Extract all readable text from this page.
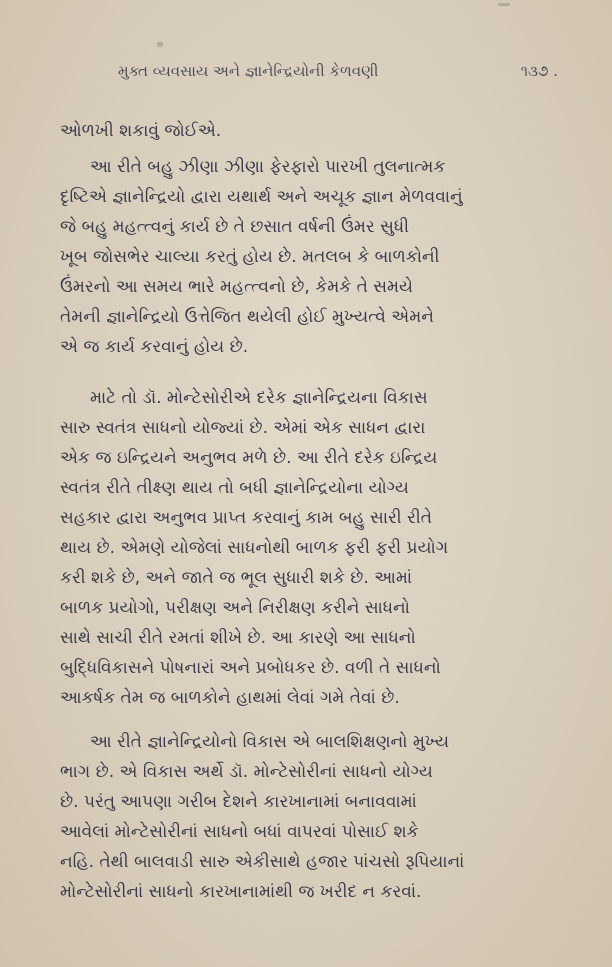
મુક્ત વ્યવસાય અને જ્ઞાનેન્દ્રિયોની કેળવણી	૧૩૭ .
ઓળખી શકાવું જોઈએ.
આ રીતે બહુ ઝીણા ઝીણા ફેરફારો પારખી તુલનાત્મક
દૃષ્ટિએ જ્ઞાનેન્દ્રિયો દ્વારા યથાર્થ અને અચૂક જ્ઞાન મેળવવાનું
જે બહુ મહત્ત્વનું કાર્ય છે તે છસાત વર્ષની ઉંમર સુધી
ખૂબ જોસભેર ચાલ્યા કરતું હોય છે. મતલબ કે બાળકોની
ઉંમરનો આ સમય ભારે મહત્ત્વનો છે, કેમકે તે સમયે
તેમની જ્ઞાનેન્દ્રિયો ઉત્તેજિત થયેલી હોઈ મુખ્યત્વે એમને
એ જ કાર્ય કરવાનું હોય છે.
માટે તો ડૉ. મોન્ટેસોરીએ દરેક જ્ઞાનેન્દ્રિયના વિકાસ
સારુ સ્વતંત્ર સાધનો યોજ્યાં છે. એમાં એક સાધન દ્વારા
એક જ ઇન્દ્રિયને અનુભવ મળે છે. આ રીતે દરેક ઇન્દ્રિય
સ્વતંત્ર રીતે તીક્ષ્ણ થાય તો બધી જ્ઞાનેન્દ્રિયોના યોગ્ય
સહકાર દ્વારા અનુભવ પ્રાપ્ત કરવાનું કામ બહુ સારી રીતે
થાય છે. એમણે યોજેલાં સાધનોથી બાળક ફરી ફરી પ્રયોગ
કરી શકે છે, અને જાતે જ ભૂલ સુધારી શકે છે. આમાં
બાળક પ્રયોગો, પરીક્ષણ અને નિરીક્ષણ કરીને સાધનો
સાથે સાચી રીતે રમતાં શીખે છે. આ કારણે આ સાધનો
બુદ્ધિવિકાસને પોષનારાં અને પ્રબોધકર છે. વળી તે સાધનો
આકર્ષક તેમ જ બાળકોને હાથમાં લેવાં ગમે તેવાં છે.
આ રીતે જ્ઞાનેન્દ્રિયોનો વિકાસ એ બાલશિક્ષણનો મુખ્ય
ભાગ છે. એ વિકાસ અર્થે ડૉ. મોન્ટેસોરીનાં સાધનો યોગ્ય
છે. પરંતુ આપણા ગરીબ દેશને કારખાનામાં બનાવવામાં
આવેલાં મોન્ટેસોરીનાં સાધનો બધાં વાપરવાં પોસાઈ શકે
નહિ. તેથી બાલવાડી સારુ એકીસાથે હજાર પાંચસો રૂપિયાનાં
મોન્ટેસોરીનાં સાધનો કારખાનામાંથી જ ખરીદ ન કરવાં.
